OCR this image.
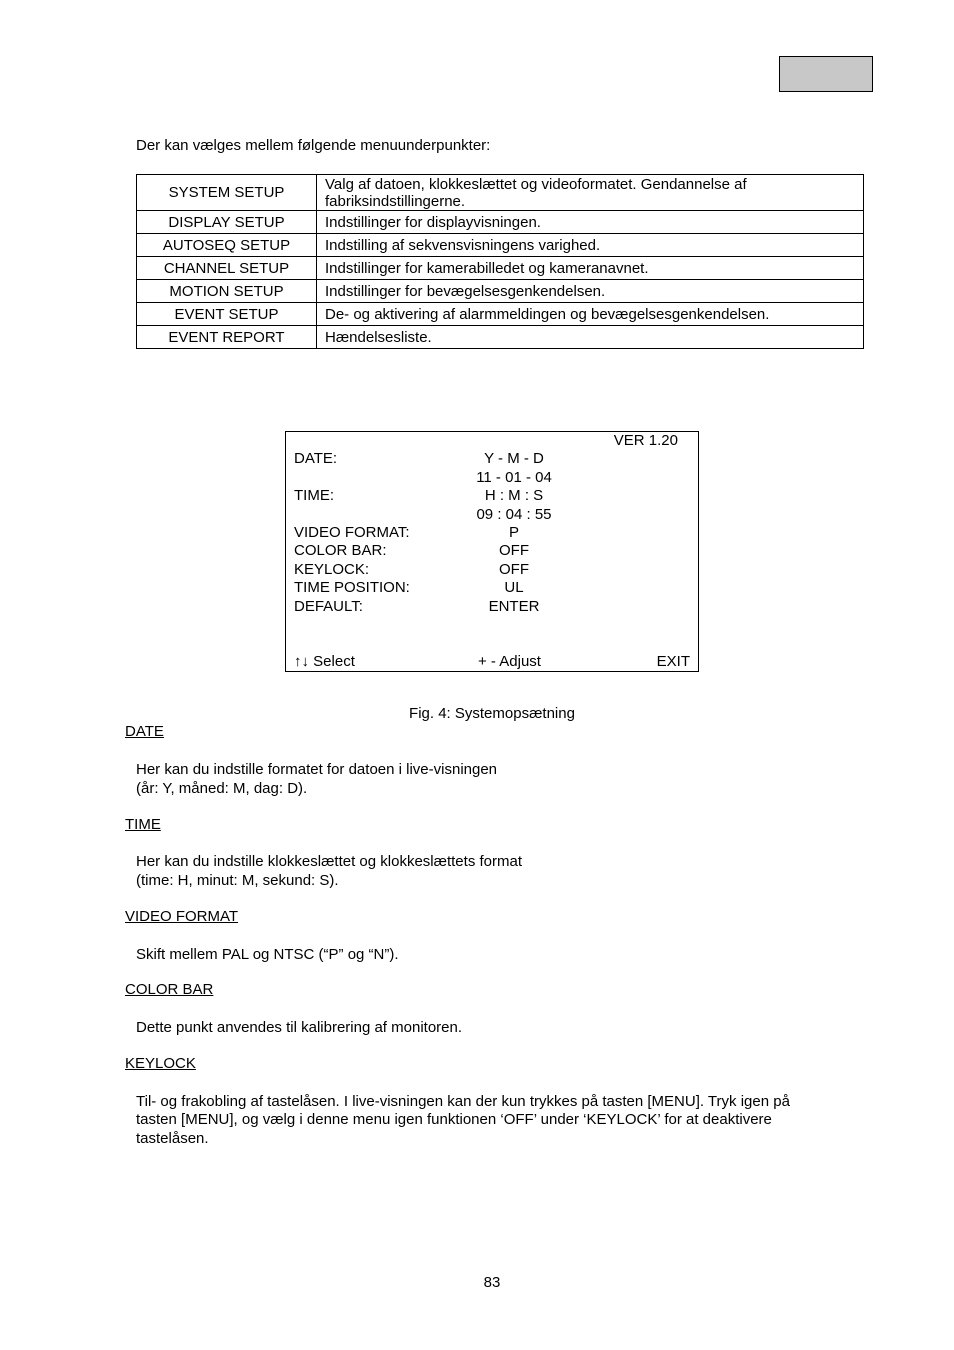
Der kan vælges mellem følgende menuunderpunkter:
SYSTEM SETUP	Valg af datoen, klokkeslættet og videoformatet. Gendannelse af fabriksindstillingerne.
DISPLAY SETUP	Indstillinger for displayvisningen.
AUTOSEQ SETUP	Indstilling af sekvensvisningens varighed.
CHANNEL SETUP	Indstillinger for kamerabilledet og kameranavnet.
MOTION SETUP	Indstillinger for bevægelsesgenkendelsen.
EVENT SETUP	De- og aktivering af alarmmeldingen og bevægelsesgenkendelsen.
EVENT REPORT	Hændelsesliste.
VER 1.20
DATE:	Y - M - D
11 - 01 - 04
TIME:	H : M : S
09 : 04 : 55
VIDEO FORMAT:	P
COLOR BAR:	OFF
KEYLOCK:	OFF
TIME POSITION:	UL
DEFAULT:	ENTER
↑↓ Select	+ - Adjust	EXIT
Fig. 4: Systemopsætning
DATE
Her kan du indstille formatet for datoen i live-visningen
(år: Y, måned: M, dag: D).
TIME
Her kan du indstille klokkeslættet og klokkeslættets format
(time: H, minut: M, sekund: S).
VIDEO FORMAT
Skift mellem PAL og NTSC (“P” og “N”).
COLOR BAR
Dette punkt anvendes til kalibrering af monitoren.
KEYLOCK
Til- og frakobling af tastelåsen. I live-visningen kan der kun trykkes på tasten [MENU]. Tryk igen på
tasten [MENU], og vælg i denne menu igen funktionen ‘OFF’ under ‘KEYLOCK’ for at deaktivere
tastelåsen.
83
